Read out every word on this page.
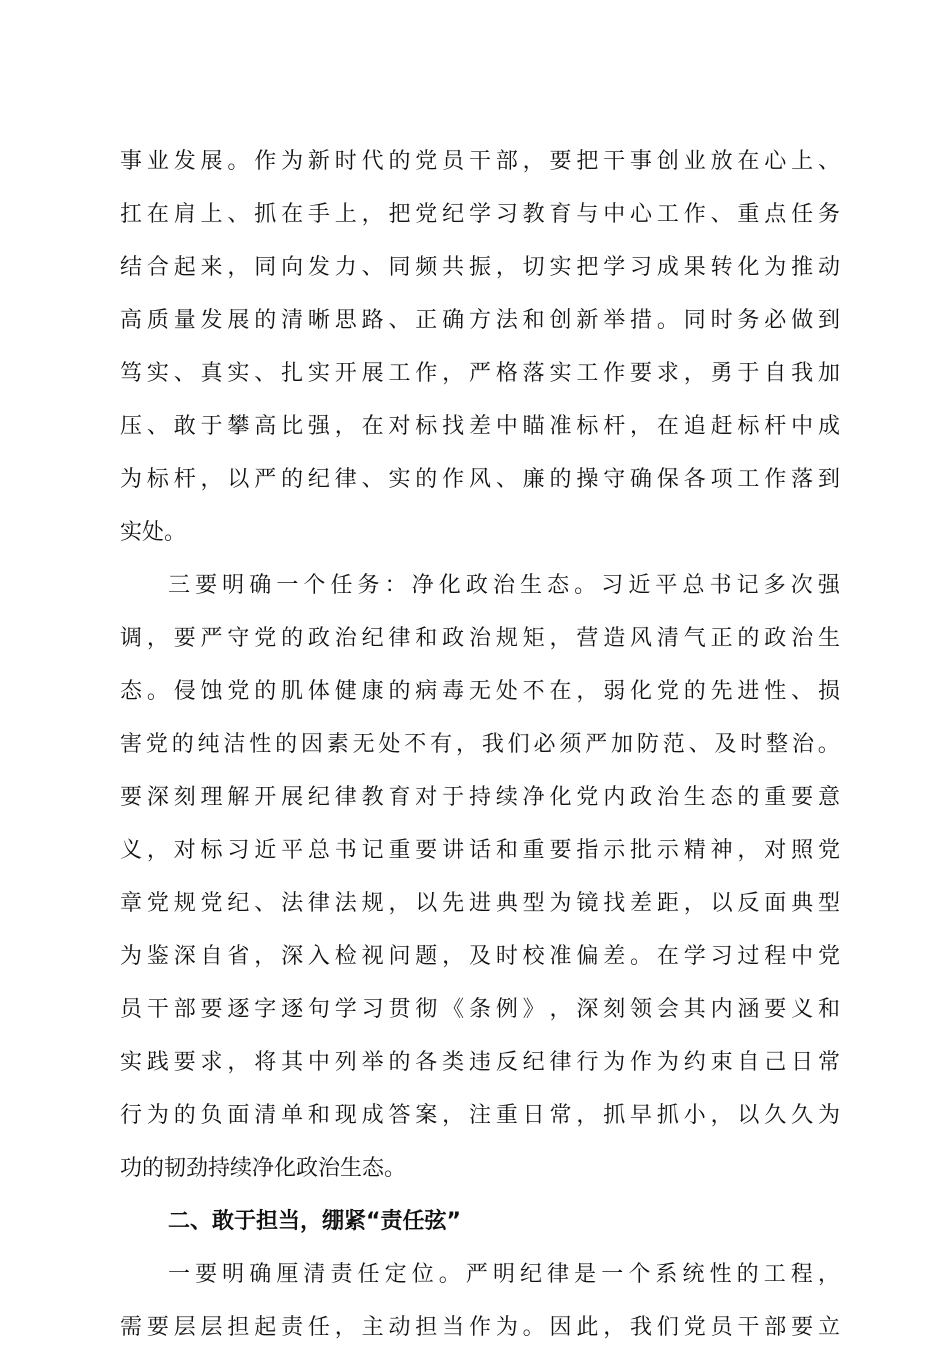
事 业 发 展 。 作 为 新 时 代 的 党 员 干 部 ， 要 把 干 事 创 业 放 在 心 上 、
扛 在 肩 上 、 抓 在 手 上 ， 把 党 纪 学 习 教 育 与 中 心 工 作 、 重 点 任 务
结 合 起 来 ， 同 向 发 力 、 同 频 共 振 ， 切 实 把 学 习 成 果 转 化 为 推 动
高 质 量 发 展 的 清 晰 思 路 、 正 确 方 法 和 创 新 举 措 。 同 时 务 必 做 到
笃 实 、 真 实 、 扎 实 开 展 工 作 ， 严 格 落 实 工 作 要 求 ， 勇 于 自 我 加
压 、 敢 于 攀 高 比 强 ， 在 对 标 找 差 中 瞄 准 标 杆 ， 在 追 赶 标 杆 中 成
为 标 杆 ， 以 严 的 纪 律 、 实 的 作 风 、 廉 的 操 守 确 保 各 项 工 作 落 到
实处。
三 要 明 确 一 个 任 务 ： 净 化 政 治 生 态 。 习 近 平 总 书 记 多 次 强
调 ， 要 严 守 党 的 政 治 纪 律 和 政 治 规 矩 ， 营 造 风 清 气 正 的 政 治 生
态 。 侵 蚀 党 的 肌 体 健 康 的 病 毒 无 处 不 在 ， 弱 化 党 的 先 进 性 、 损
害 党 的 纯 洁 性 的 因 素 无 处 不 有 ， 我 们 必 须 严 加 防 范 、 及 时 整 治 。
要 深 刻 理 解 开 展 纪 律 教 育 对 于 持 续 净 化 党 内 政 治 生 态 的 重 要 意
义 ， 对 标 习 近 平 总 书 记 重 要 讲 话 和 重 要 指 示 批 示 精 神 ， 对 照 党
章 党 规 党 纪 、 法 律 法 规 ， 以 先 进 典 型 为 镜 找 差 距 ， 以 反 面 典 型
为 鉴 深 自 省 ， 深 入 检 视 问 题 ， 及 时 校 准 偏 差 。 在 学 习 过 程 中 党
员 干 部 要 逐 字 逐 句 学 习 贯 彻 《 条 例 》 ， 深 刻 领 会 其 内 涵 要 义 和
实 践 要 求 ， 将 其 中 列 举 的 各 类 违 反 纪 律 行 为 作 为 约 束 自 己 日 常
行 为 的 负 面 清 单 和 现 成 答 案 ， 注 重 日 常 ， 抓 早 抓 小 ， 以 久 久 为
功的韧劲持续净化政治生态。
二、敢于担当，绷紧“责任弦”
一 要 明 确 厘 清 责 任 定 位 。 严 明 纪 律 是 一 个 系 统 性 的 工 程 ，
需 要 层 层 担 起 责 任 ， 主 动 担 当 作 为 。 因 此 ， 我 们 党 员 干 部 要 立
